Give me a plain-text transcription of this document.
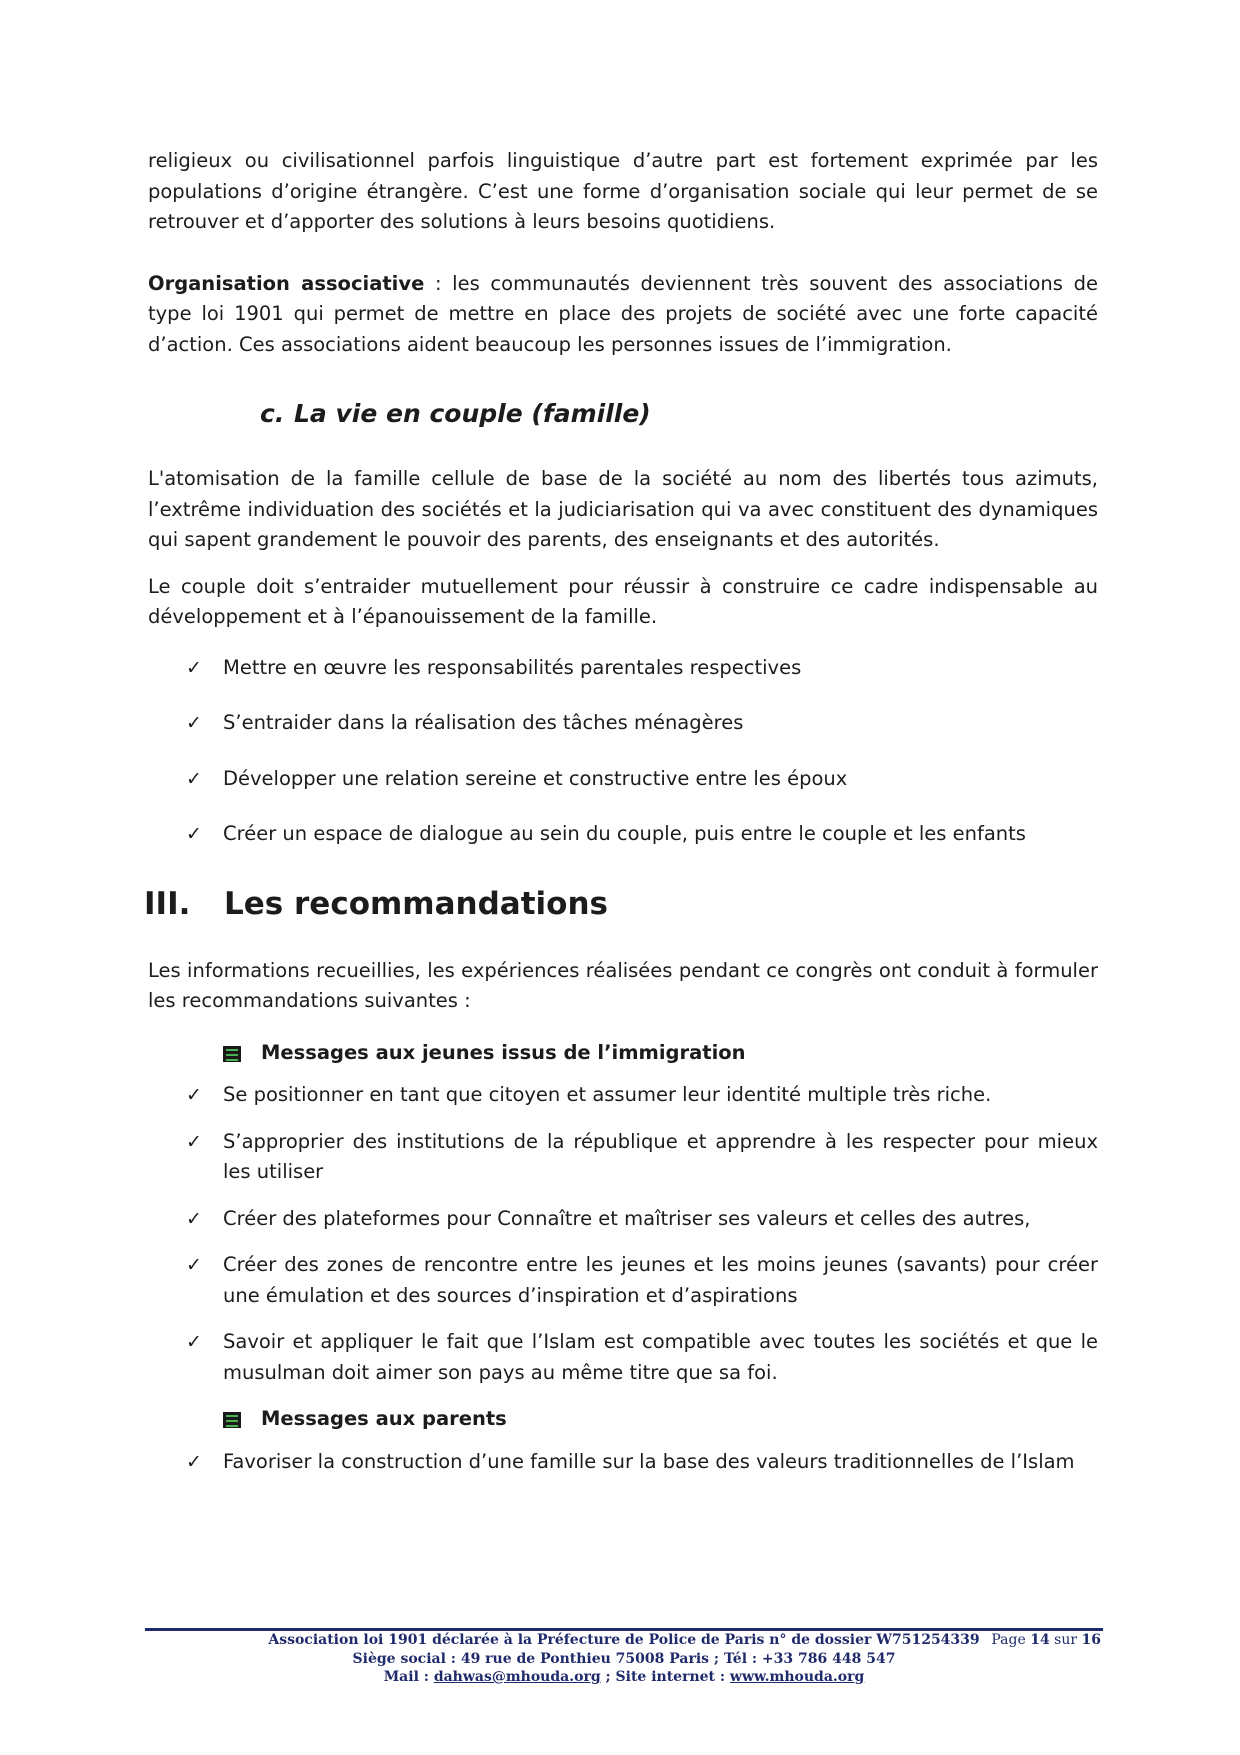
religieux ou civilisationnel parfois linguistique d’autre part est fortement exprimée par les populations d’origine étrangère. C’est une forme d’organisation sociale qui leur permet de se retrouver et d’apporter des solutions à leurs besoins quotidiens.

Organisation associative : les communautés deviennent très souvent des associations de type loi 1901 qui permet de mettre en place des projets de société avec une forte capacité d’action. Ces associations aident beaucoup les personnes issues de l’immigration.

c. La vie en couple (famille)

L'atomisation de la famille cellule de base de la société au nom des libertés tous azimuts, l’extrême individuation des sociétés et la judiciarisation qui va avec constituent des dynamiques qui sapent grandement le pouvoir des parents, des enseignants et des autorités.

Le couple doit s’entraider mutuellement pour réussir à construire ce cadre indispensable au développement et à l’épanouissement de la famille.

✓ Mettre en œuvre les responsabilités parentales respectives
✓ S’entraider dans la réalisation des tâches ménagères
✓ Développer une relation sereine et constructive entre les époux
✓ Créer un espace de dialogue au sein du couple, puis entre le couple et les enfants
III. Les recommandations

Les informations recueillies, les expériences réalisées pendant ce congrès ont conduit à formuler les recommandations suivantes :

Messages aux jeunes issus de l’immigration
✓ Se positionner en tant que citoyen et assumer leur identité multiple très riche.
✓ S’approprier des institutions de la république et apprendre à les respecter pour mieux les utiliser
✓ Créer des plateformes pour Connaître et maîtriser ses valeurs et celles des autres,
✓ Créer des zones de rencontre entre les jeunes et les moins jeunes (savants) pour créer une émulation et des sources d’inspiration et d’aspirations
✓ Savoir et appliquer le fait que l’Islam est compatible avec toutes les sociétés et que le musulman doit aimer son pays au même titre que sa foi.
Messages aux parents
✓ Favoriser la construction d’une famille sur la base des valeurs traditionnelles de l’Islam
Association loi 1901 déclarée à la Préfecture de Police de Paris n° de dossier W751254339 Page 14 sur 16
Siège social : 49 rue de Ponthieu 75008 Paris ; Tél : +33 786 448 547
Mail : dahwas@mhouda.org ; Site internet : www.mhouda.org
